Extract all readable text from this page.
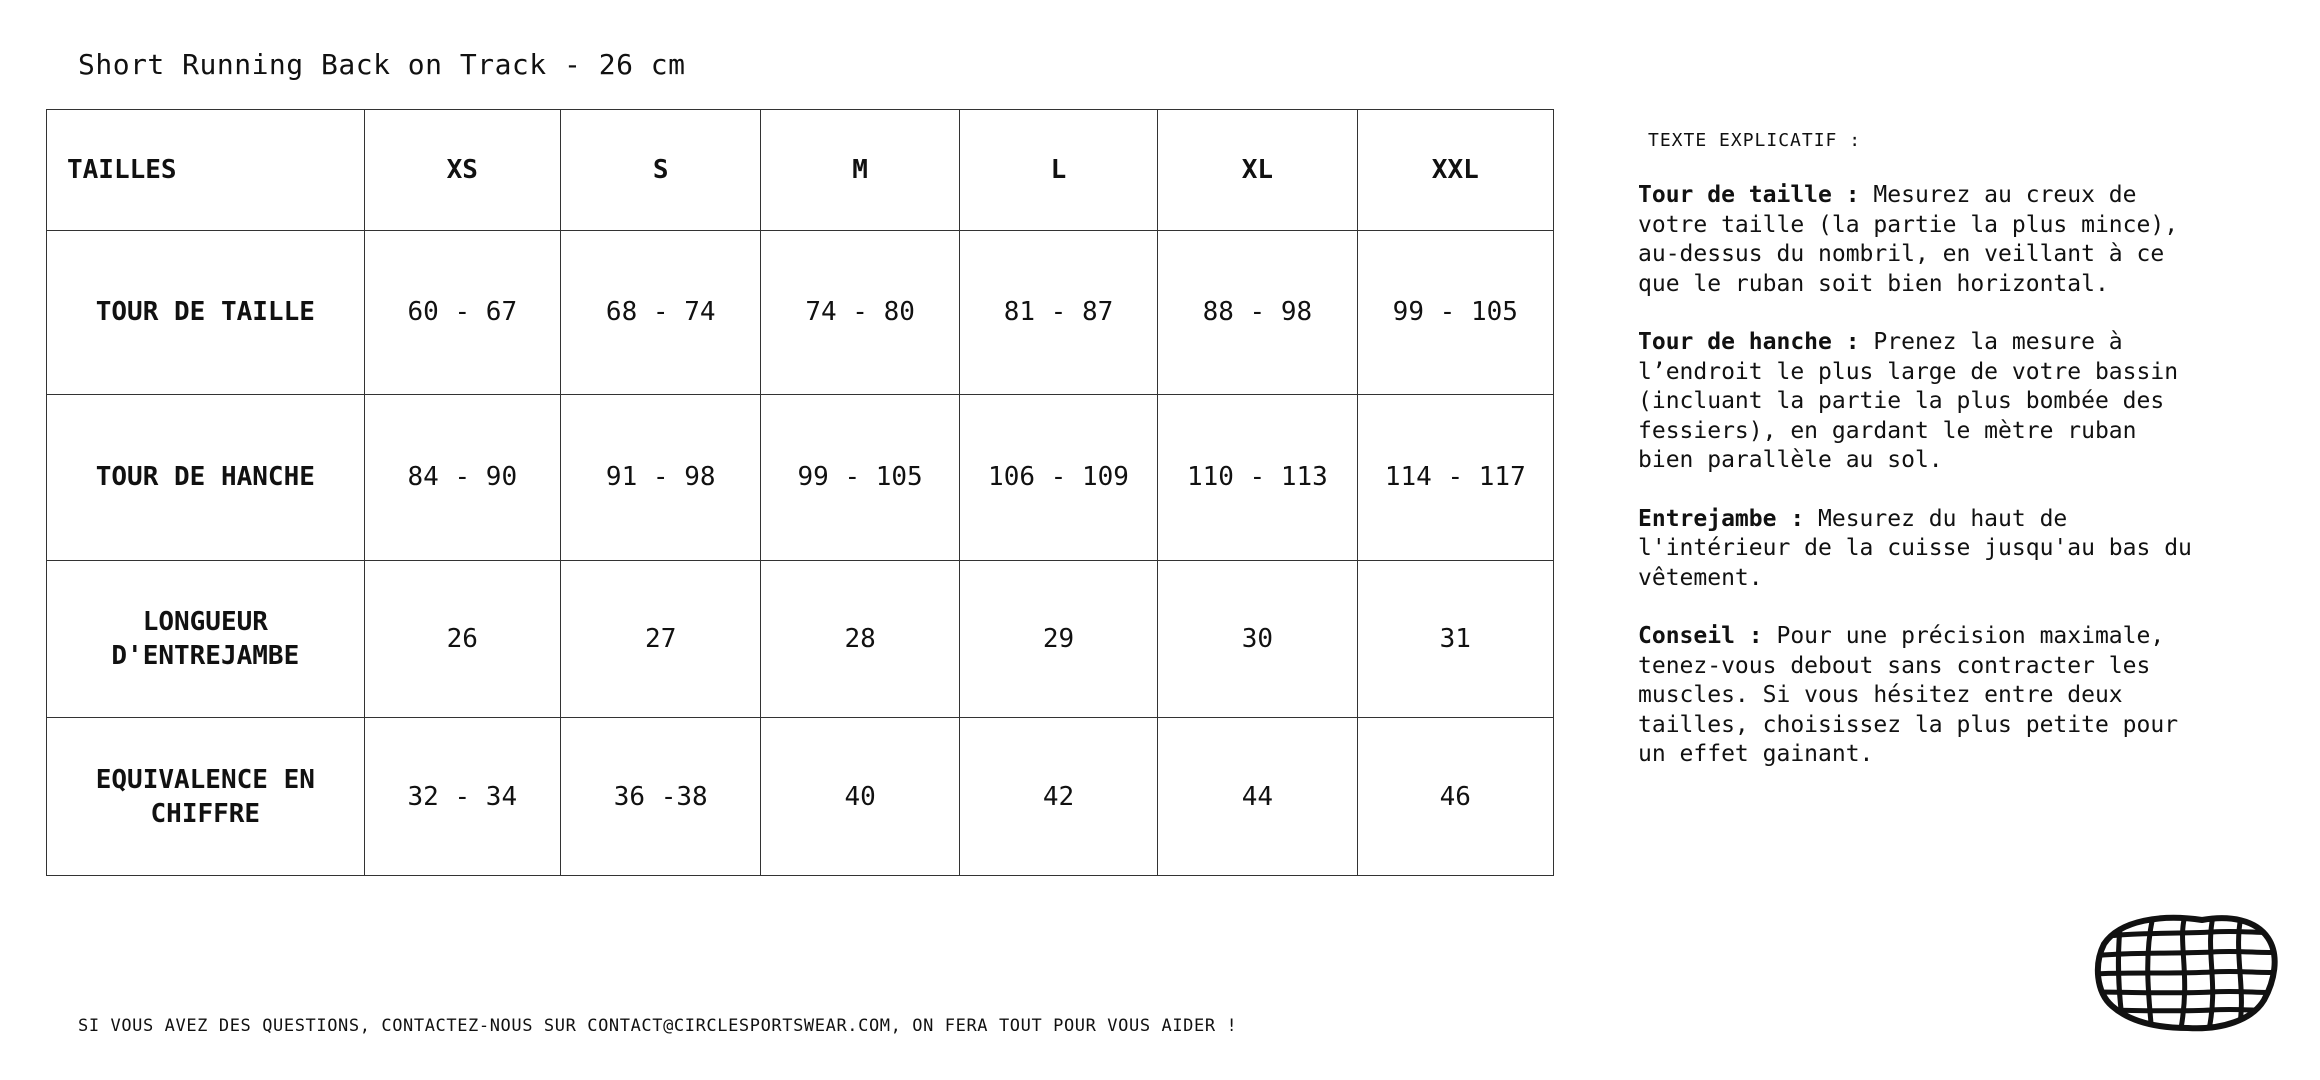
Short Running Back on Track - 26 cm
TAILLES	XS	S	M	L	XL	XXL
TOUR DE TAILLE	60 - 67	68 - 74	74 - 80	81 - 87	88 - 98	99 - 105
TOUR DE HANCHE	84 - 90	91 - 98	99 - 105	106 - 109	110 - 113	114 - 117

LONGUEUR
D'ENTREJAMBE	26	27	28	29	30	31

EQUIVALENCE EN
CHIFFRE	32 - 34	36 -38	40	42	44	46
TEXTE EXPLICATIF :

Tour de taille : Mesurez au creux de votre taille (la partie la plus mince), au-dessus du nombril, en veillant à ce que le ruban soit bien horizontal.

Tour de hanche : Prenez la mesure à l’endroit le plus large de votre bassin (incluant la partie la plus bombée des fessiers), en gardant le mètre ruban bien parallèle au sol.

Entrejambe : Mesurez du haut de l'intérieur de la cuisse jusqu'au bas du vêtement.

Conseil : Pour une précision maximale, tenez-vous debout sans contracter les muscles. Si vous hésitez entre deux tailles, choisissez la plus petite pour un effet gainant.

SI VOUS AVEZ DES QUESTIONS, CONTACTEZ-NOUS SUR CONTACT@CIRCLESPORTSWEAR.COM, ON FERA TOUT POUR VOUS AIDER !
